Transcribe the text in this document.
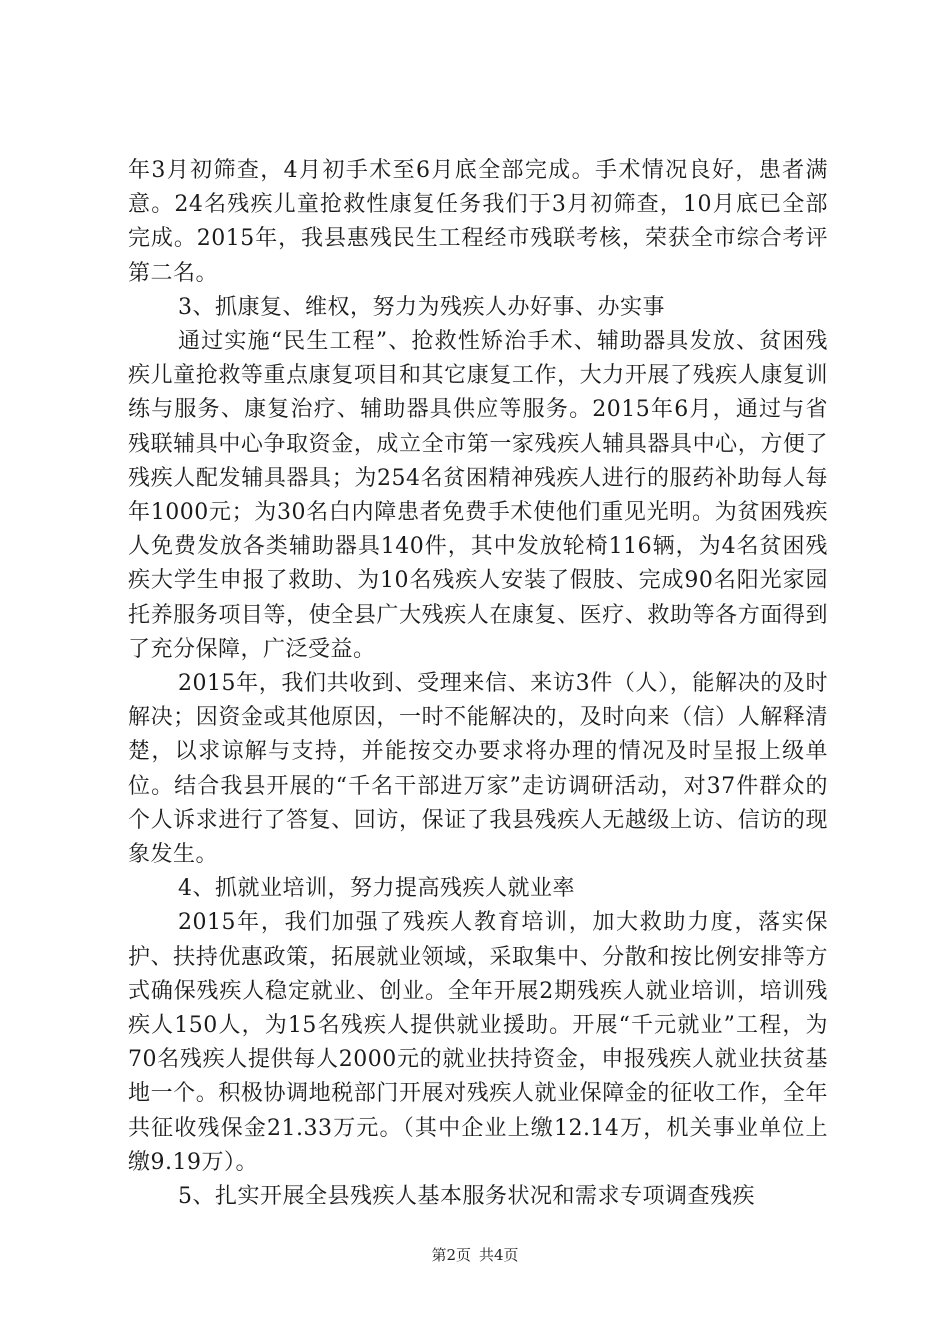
年3月初筛查，4月初手术至6月底全部完成。手术情况良好，患者满意。24名残疾儿童抢救性康复任务我们于3月初筛查，10月底已全部完成。2015年，我县惠残民生工程经市残联考核，荣获全市综合考评第二名。

3、抓康复、维权，努力为残疾人办好事、办实事

通过实施“民生工程”、抢救性矫治手术、辅助器具发放、贫困残疾儿童抢救等重点康复项目和其它康复工作，大力开展了残疾人康复训练与服务、康复治疗、辅助器具供应等服务。2015年6月，通过与省残联辅具中心争取资金，成立全市第一家残疾人辅具器具中心，方便了残疾人配发辅具器具；为254名贫困精神残疾人进行的服药补助每人每年1000元；为30名白内障患者免费手术使他们重见光明。为贫困残疾人免费发放各类辅助器具140件，其中发放轮椅116辆，为4名贫困残疾大学生申报了救助、为10名残疾人安装了假肢、完成90名阳光家园托养服务项目等，使全县广大残疾人在康复、医疗、救助等各方面得到了充分保障，广泛受益。

2015年，我们共收到、受理来信、来访3件（人），能解决的及时解决；因资金或其他原因，一时不能解决的，及时向来（信）人解释清楚，以求谅解与支持，并能按交办要求将办理的情况及时呈报上级单位。结合我县开展的“千名干部进万家”走访调研活动，对37件群众的个人诉求进行了答复、回访，保证了我县残疾人无越级上访、信访的现象发生。

4、抓就业培训，努力提高残疾人就业率

2015年，我们加强了残疾人教育培训，加大救助力度，落实保护、扶持优惠政策，拓展就业领域，采取集中、分散和按比例安排等方式确保残疾人稳定就业、创业。全年开展2期残疾人就业培训，培训残疾人150人，为15名残疾人提供就业援助。开展“千元就业”工程，为70名残疾人提供每人2000元的就业扶持资金，申报残疾人就业扶贫基地一个。积极协调地税部门开展对残疾人就业保障金的征收工作，全年共征收残保金21.33万元。（其中企业上缴12.14万，机关事业单位上缴9.19万）。

5、扎实开展全县残疾人基本服务状况和需求专项调查残疾

第2页 共4页
